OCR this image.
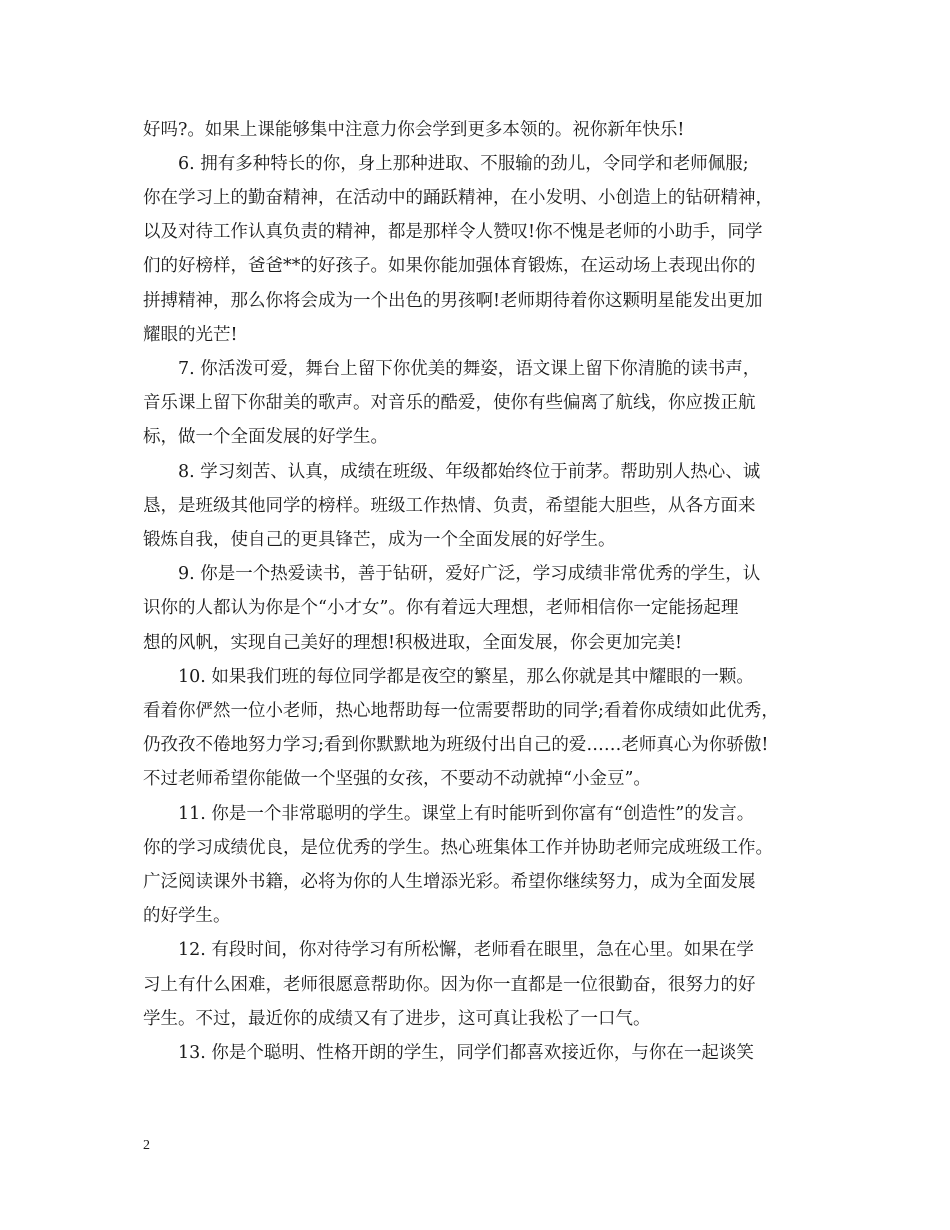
好吗?。如果上课能够集中注意力你会学到更多本领的。祝你新年快乐!

6. 拥有多种特长的你，身上那种进取、不服输的劲儿，令同学和老师佩服;

你在学习上的勤奋精神，在活动中的踊跃精神，在小发明、小创造上的钻研精神，

以及对待工作认真负责的精神，都是那样令人赞叹!你不愧是老师的小助手，同学

们的好榜样，爸爸**的好孩子。如果你能加强体育锻炼，在运动场上表现出你的

拼搏精神，那么你将会成为一个出色的男孩啊!老师期待着你这颗明星能发出更加

耀眼的光芒!

7. 你活泼可爱，舞台上留下你优美的舞姿，语文课上留下你清脆的读书声，

音乐课上留下你甜美的歌声。对音乐的酷爱，使你有些偏离了航线，你应拨正航

标，做一个全面发展的好学生。

8. 学习刻苦、认真，成绩在班级、年级都始终位于前茅。帮助别人热心、诚

恳，是班级其他同学的榜样。班级工作热情、负责，希望能大胆些，从各方面来

锻炼自我，使自己的更具锋芒，成为一个全面发展的好学生。

9. 你是一个热爱读书，善于钻研，爱好广泛，学习成绩非常优秀的学生，认

识你的人都认为你是个“小才女”。你有着远大理想，老师相信你一定能扬起理

想的风帆，实现自己美好的理想!积极进取，全面发展，你会更加完美!

10. 如果我们班的每位同学都是夜空的繁星，那么你就是其中耀眼的一颗。

看着你俨然一位小老师，热心地帮助每一位需要帮助的同学;看着你成绩如此优秀，

仍孜孜不倦地努力学习;看到你默默地为班级付出自己的爱……老师真心为你骄傲!

不过老师希望你能做一个坚强的女孩，不要动不动就掉“小金豆”。

11. 你是一个非常聪明的学生。课堂上有时能听到你富有“创造性”的发言。

你的学习成绩优良，是位优秀的学生。热心班集体工作并协助老师完成班级工作。

广泛阅读课外书籍，必将为你的人生增添光彩。希望你继续努力，成为全面发展

的好学生。

12. 有段时间，你对待学习有所松懈，老师看在眼里，急在心里。如果在学

习上有什么困难，老师很愿意帮助你。因为你一直都是一位很勤奋，很努力的好

学生。不过，最近你的成绩又有了进步，这可真让我松了一口气。

13. 你是个聪明、性格开朗的学生，同学们都喜欢接近你，与你在一起谈笑

2
